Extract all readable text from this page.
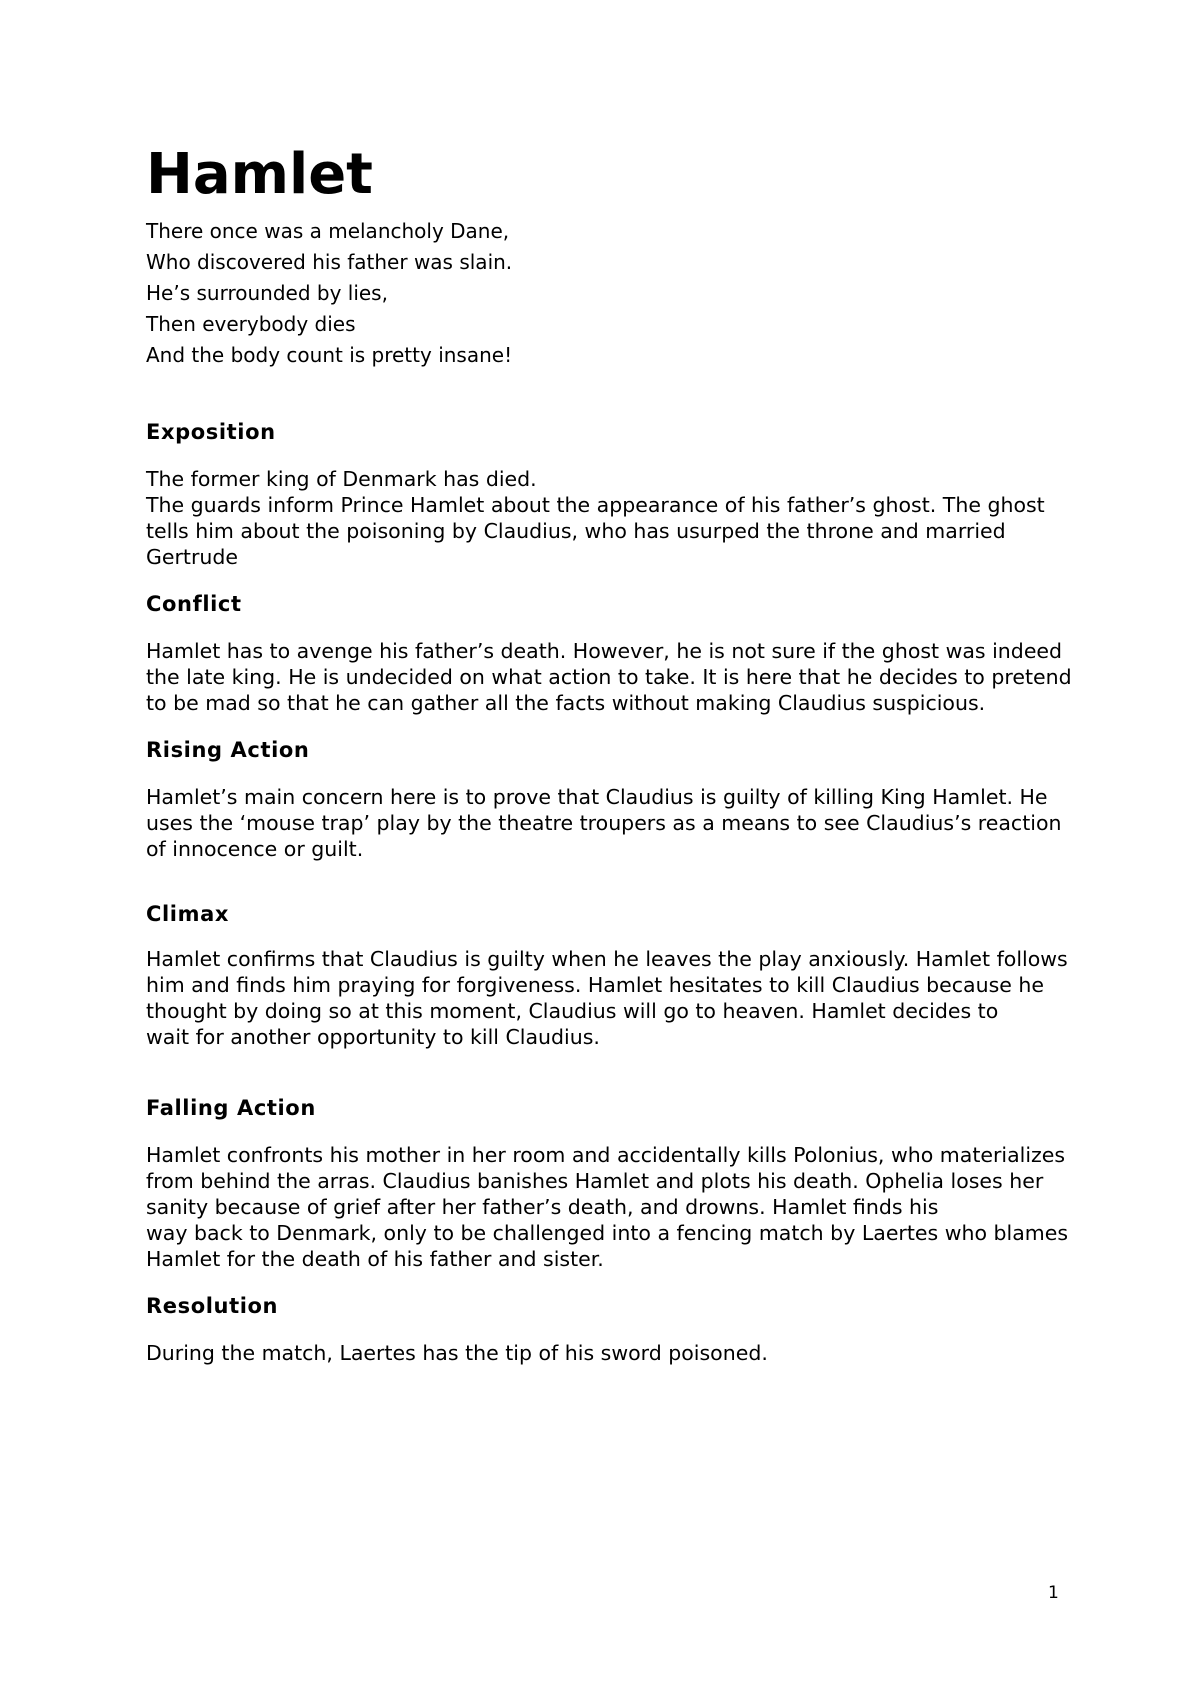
Hamlet
There once was a melancholy Dane,
Who discovered his father was slain.
He’s surrounded by lies,
Then everybody dies
And the body count is pretty insane!
Exposition
The former king of Denmark has died.
The guards inform Prince Hamlet about the appearance of his father’s ghost. The ghost tells him about the poisoning by Claudius, who has usurped the throne and married Gertrude
Conflict
Hamlet has to avenge his father’s death. However, he is not sure if the ghost was indeed the late king. He is undecided on what action to take. It is here that he decides to pretend to be mad so that he can gather all the facts without making Claudius suspicious.
Rising Action
Hamlet’s main concern here is to prove that Claudius is guilty of killing King Hamlet. He uses the ‘mouse trap’ play by the theatre troupers as a means to see Claudius’s reaction of innocence or guilt.
Climax
Hamlet confirms that Claudius is guilty when he leaves the play anxiously. Hamlet follows
him and finds him praying for forgiveness. Hamlet hesitates to kill Claudius because he
thought by doing so at this moment, Claudius will go to heaven. Hamlet decides to
wait for another opportunity to kill Claudius.
Falling Action
Hamlet confronts his mother in her room and accidentally kills Polonius, who materializes from behind the arras. Claudius banishes Hamlet and plots his death. Ophelia loses her sanity because of grief after her father’s death, and drowns. Hamlet finds his
way back to Denmark, only to be challenged into a fencing match by Laertes who blames Hamlet for the death of his father and sister.
Resolution
During the match, Laertes has the tip of his sword poisoned.
1
